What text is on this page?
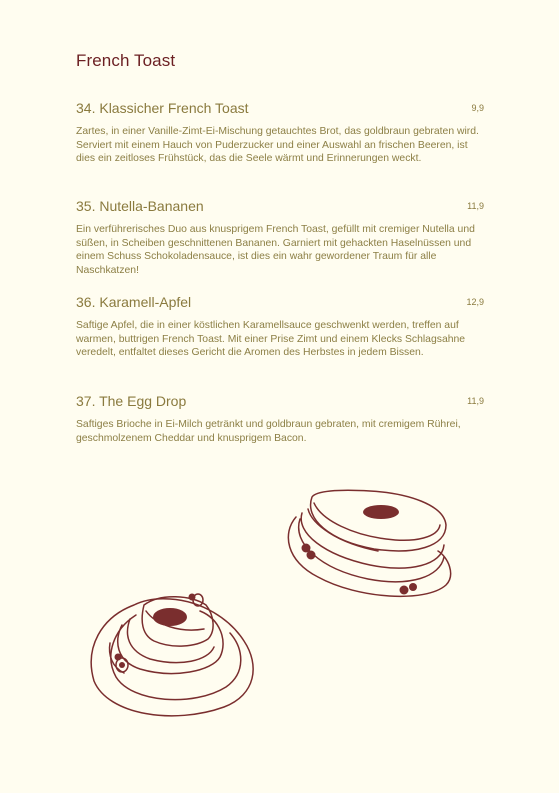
French Toast
34. Klassicher French Toast	9,9

Zartes, in einer Vanille-Zimt-Ei-Mischung getauchtes Brot, das goldbraun gebraten wird. Serviert mit einem Hauch von Puderzucker und einer Auswahl an frischen Beeren, ist dies ein zeitloses Frühstück, das die Seele wärmt und Erinnerungen weckt.

35. Nutella-Bananen	11,9

Ein verführerisches Duo aus knusprigem French Toast, gefüllt mit cremiger Nutella und süßen, in Scheiben geschnittenen Bananen. Garniert mit gehackten Haselnüssen und einem Schuss Schokoladensauce, ist dies ein wahr gewordener Traum für alle Naschkatzen!

36. Karamell-Apfel	12,9

Saftige Apfel, die in einer köstlichen Karamellsauce geschwenkt werden, treffen auf warmen, buttrigen French Toast. Mit einer Prise Zimt und einem Klecks Schlagsahne veredelt, entfaltet dieses Gericht die Aromen des Herbstes in jedem Bissen.

37. The Egg Drop	11,9

Saftiges Brioche in Ei-Milch getränkt und goldbraun gebraten, mit cremigem Rührei, geschmolzenem Cheddar und knusprigem Bacon.
